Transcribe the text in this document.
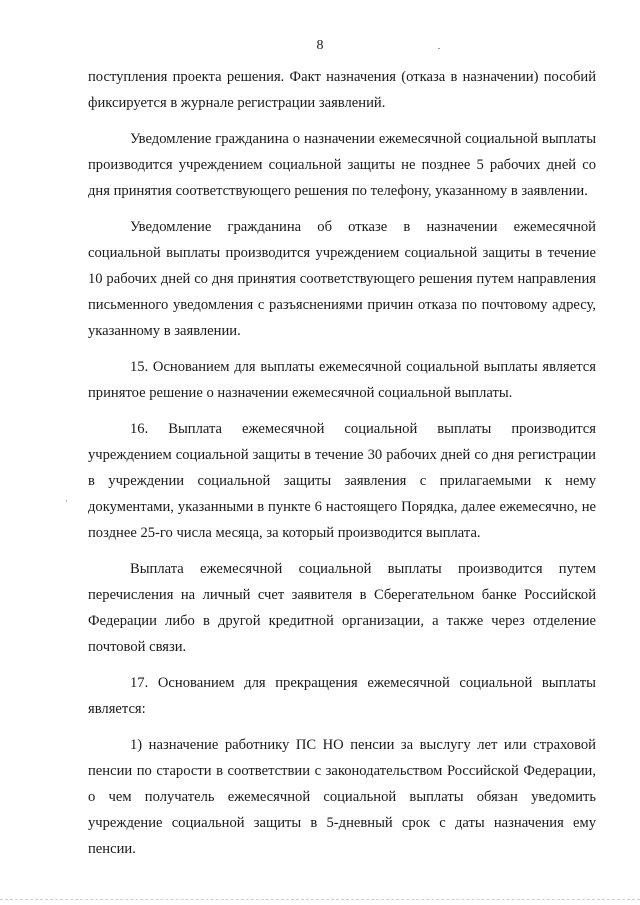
8

поступления проекта решения. Факт назначения (отказа в назначении) пособий фиксируется в журнале регистрации заявлений.

Уведомление гражданина о назначении ежемесячной социальной выплаты производится учреждением социальной защиты не позднее 5 рабочих дней со дня принятия соответствующего решения по телефону, указанному в заявлении.

Уведомление гражданина об отказе в назначении ежемесячной социальной выплаты производится учреждением социальной защиты в течение 10 рабочих дней со дня принятия соответствующего решения путем направления письменного уведомления с разъяснениями причин отказа по почтовому адресу, указанному в заявлении.

15. Основанием для выплаты ежемесячной социальной выплаты является принятое решение о назначении ежемесячной социальной выплаты.

16. Выплата ежемесячной социальной выплаты производится учреждением социальной защиты в течение 30 рабочих дней со дня регистрации в учреждении социальной защиты заявления с прилагаемыми к нему документами, указанными в пункте 6 настоящего Порядка, далее ежемесячно, не позднее 25-го числа месяца, за который производится выплата.

Выплата ежемесячной социальной выплаты производится путем перечисления на личный счет заявителя в Сберегательном банке Российской Федерации либо в другой кредитной организации, а также через отделение почтовой связи.

17. Основанием для прекращения ежемесячной социальной выплаты является:

1) назначение работнику ПС НО пенсии за выслугу лет или страховой пенсии по старости в соответствии с законодательством Российской Федерации, о чем получатель ежемесячной социальной выплаты обязан уведомить учреждение социальной защиты в 5-дневный срок с даты назначения ему пенсии.
